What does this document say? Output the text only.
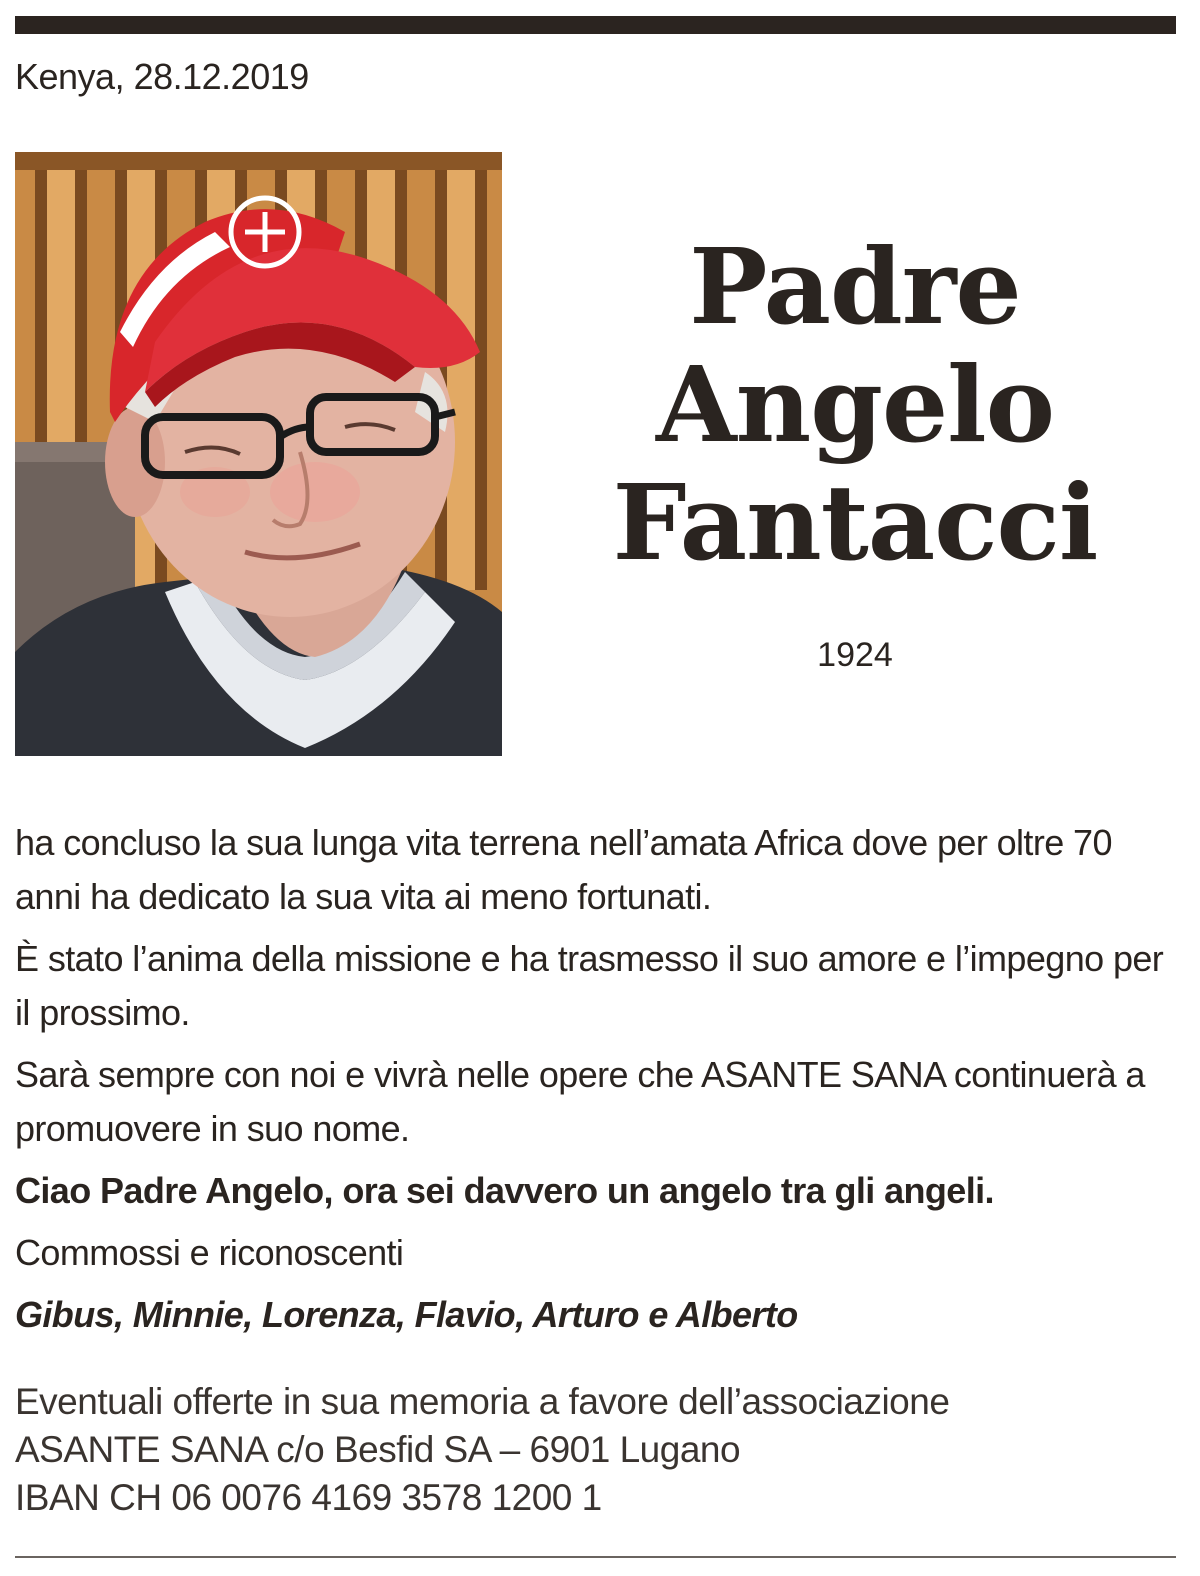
Kenya, 28.12.2019
Padre
Angelo
Fantacci
1924

ha concluso la sua lunga vita terrena nell’amata Africa dove per oltre 70 anni ha dedicato la sua vita ai meno fortunati.

È stato l’anima della missione e ha trasmesso il suo amore e l’impegno per il prossimo.

Sarà sempre con noi e vivrà nelle opere che ASANTE SANA continuerà a promuovere in suo nome.

Ciao Padre Angelo, ora sei davvero un angelo tra gli angeli.

Commossi e riconoscenti

Gibus, Minnie, Lorenza, Flavio, Arturo e Alberto

Eventuali offerte in sua memoria a favore dell’associazione
ASANTE SANA c/o Besfid SA – 6901 Lugano
IBAN CH 06 0076 4169 3578 1200 1
